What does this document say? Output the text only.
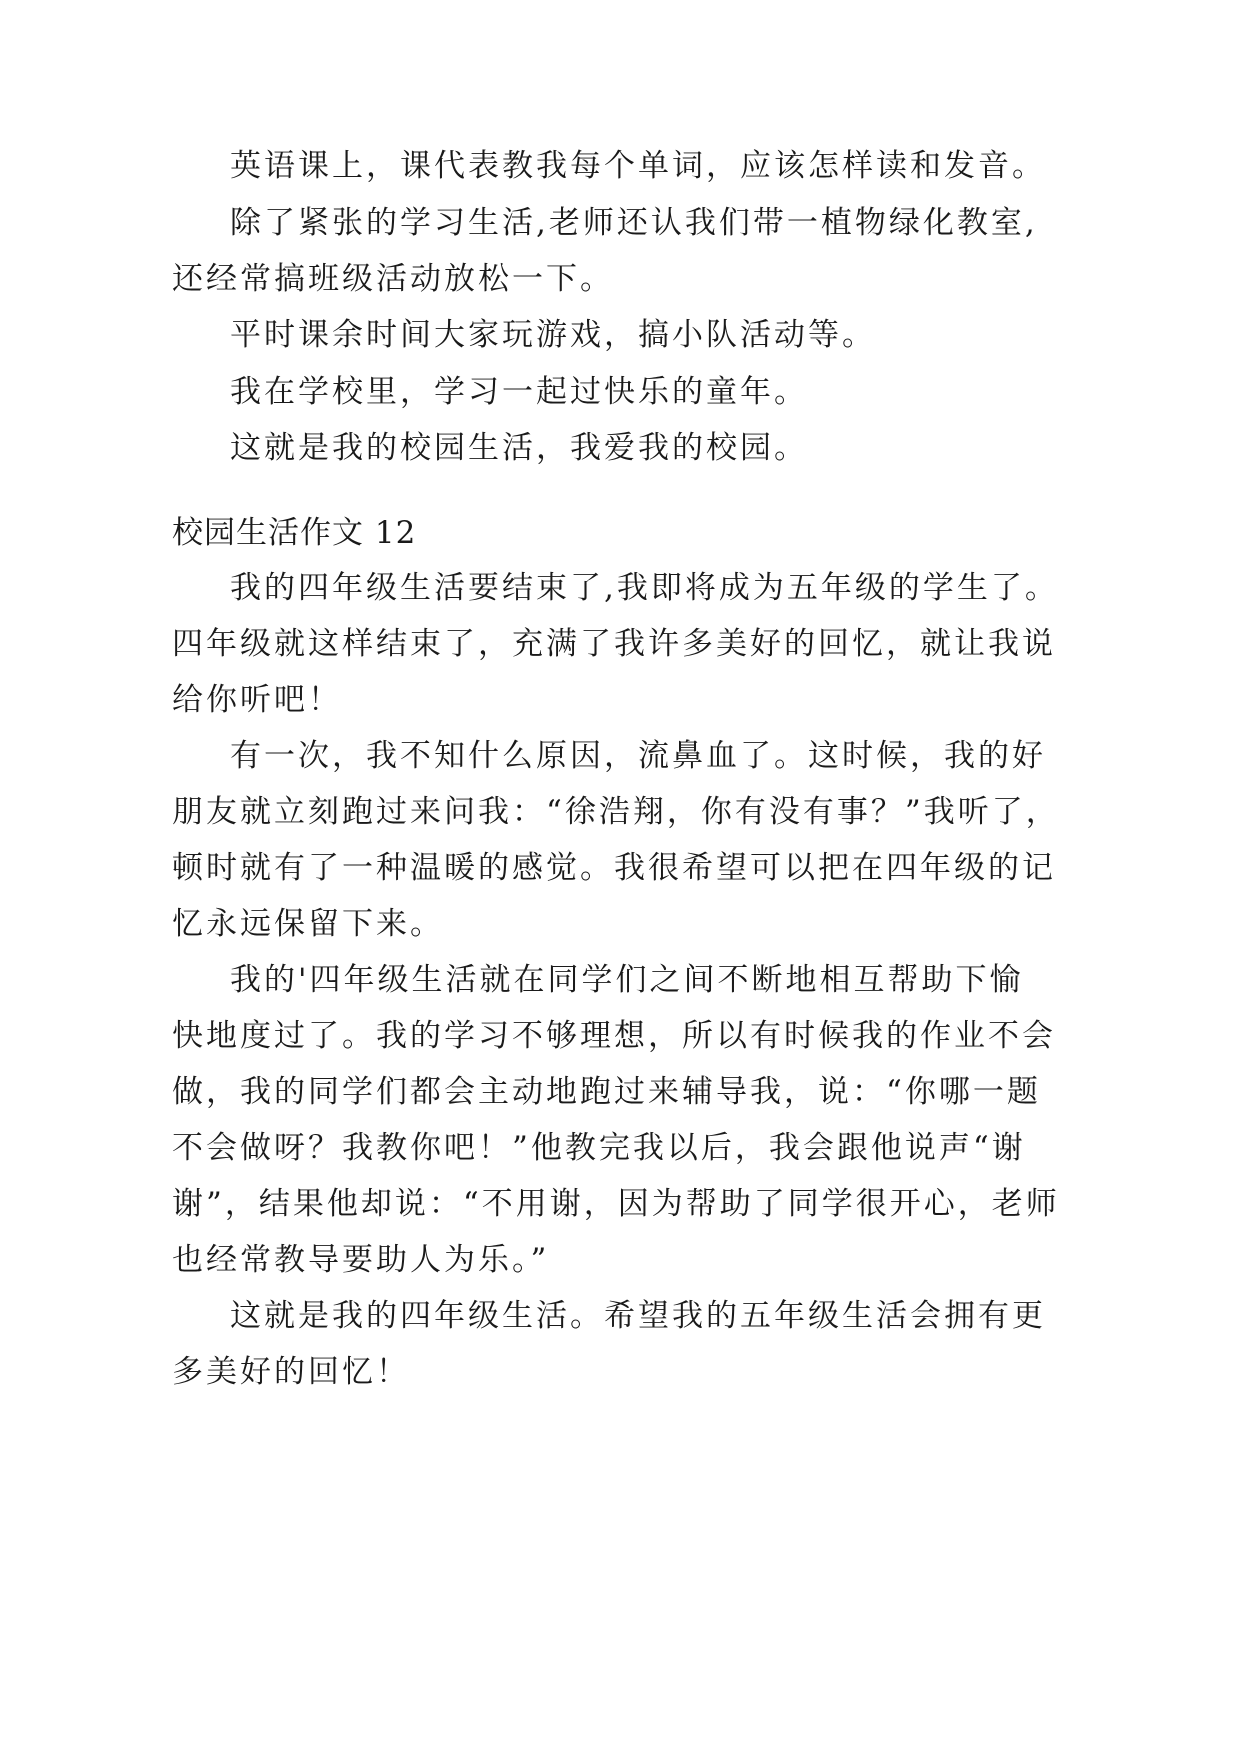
英语课上，课代表教我每个单词，应该怎样读和发音。
除了紧张的学习生活,老师还认我们带一植物绿化教室,
还经常搞班级活动放松一下。
平时课余时间大家玩游戏，搞小队活动等。
我在学校里，学习一起过快乐的童年。
这就是我的校园生活，我爱我的校园。
校园生活作文 12
我的四年级生活要结束了,我即将成为五年级的学生了。
四年级就这样结束了，充满了我许多美好的回忆，就让我说
给你听吧！
有一次，我不知什么原因，流鼻血了。这时候，我的好
朋友就立刻跑过来问我：“徐浩翔，你有没有事？”我听了，
顿时就有了一种温暖的感觉。我很希望可以把在四年级的记
忆永远保留下来。
我的'四年级生活就在同学们之间不断地相互帮助下愉
快地度过了。我的学习不够理想，所以有时候我的作业不会
做，我的同学们都会主动地跑过来辅导我，说：“你哪一题
不会做呀？我教你吧！”他教完我以后，我会跟他说声“谢
谢”，结果他却说：“不用谢，因为帮助了同学很开心，老师
也经常教导要助人为乐。”
这就是我的四年级生活。希望我的五年级生活会拥有更
多美好的回忆！
